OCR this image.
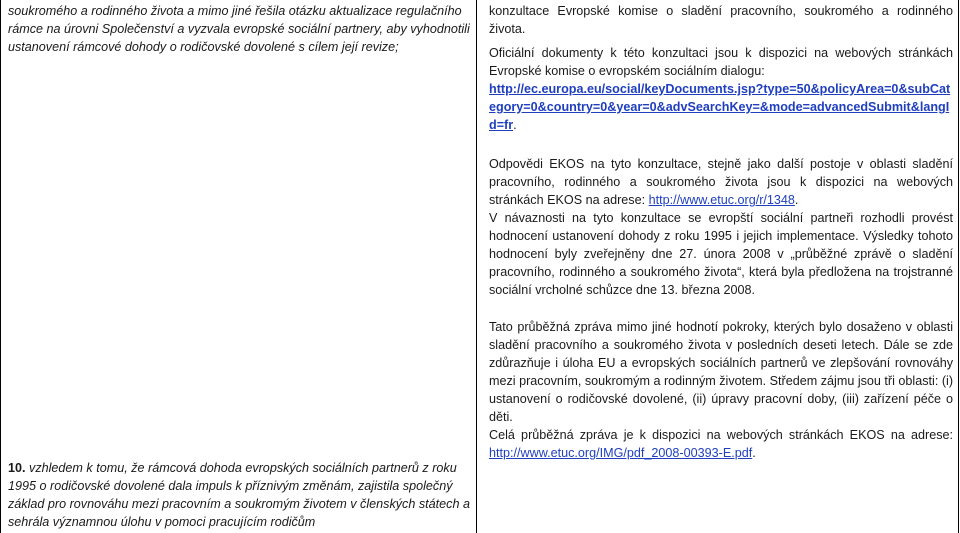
soukromého a rodinného života a mimo jiné řešila otázku aktualizace regulačního rámce na úrovni Společenství a vyzvala evropské sociální partnery, aby vyhodnotili ustanovení rámcové dohody o rodičovské dovolené s cílem její revize;
10. vzhledem k tomu, že rámcová dohoda evropských sociálních partnerů z roku 1995 o rodičovské dovolené dala impuls k příznivým změnám, zajistila společný základ pro rovnováhu mezi pracovním a soukromým životem v členských státech a sehrála významnou úlohu v pomoci pracujícím rodičům

konzultace Evropské komise o sladění pracovního, soukromého a rodinného života.

Oficiální dokumenty k této konzultaci jsou k dispozici na webových stránkách Evropské komise o evropském sociálním dialogu:

http://ec.europa.eu/social/keyDocuments.jsp?type=50&policyArea=0&subCategory=0&country=0&year=0&advSearchKey=&mode=advancedSubmit&langId=fr.

Odpovědi EKOS na tyto konzultace, stejně jako další postoje v oblasti sladění pracovního, rodinného a soukromého života jsou k dispozici na webových stránkách EKOS na adrese: http://www.etuc.org/r/1348.

V návaznosti na tyto konzultace se evropští sociální partneři rozhodli provést hodnocení ustanovení dohody z roku 1995 i jejich implementace. Výsledky tohoto hodnocení byly zveřejněny dne 27. února 2008 v „průběžné zprávě o sladění pracovního, rodinného a soukromého života“, která byla předložena na trojstranné sociální vrcholné schůzce dne 13. března 2008.

Tato průběžná zpráva mimo jiné hodnotí pokroky, kterých bylo dosaženo v oblasti sladění pracovního a soukromého života v posledních deseti letech. Dále se zde zdůrazňuje i úloha EU a evropských sociálních partnerů ve zlepšování rovnováhy mezi pracovním, soukromým a rodinným životem. Středem zájmu jsou tři oblasti: (i) ustanovení o rodičovské dovolené, (ii) úpravy pracovní doby, (iii) zařízení péče o děti.

Celá průběžná zpráva je k dispozici na webových stránkách EKOS na adrese: http://www.etuc.org/IMG/pdf_2008-00393-E.pdf.
